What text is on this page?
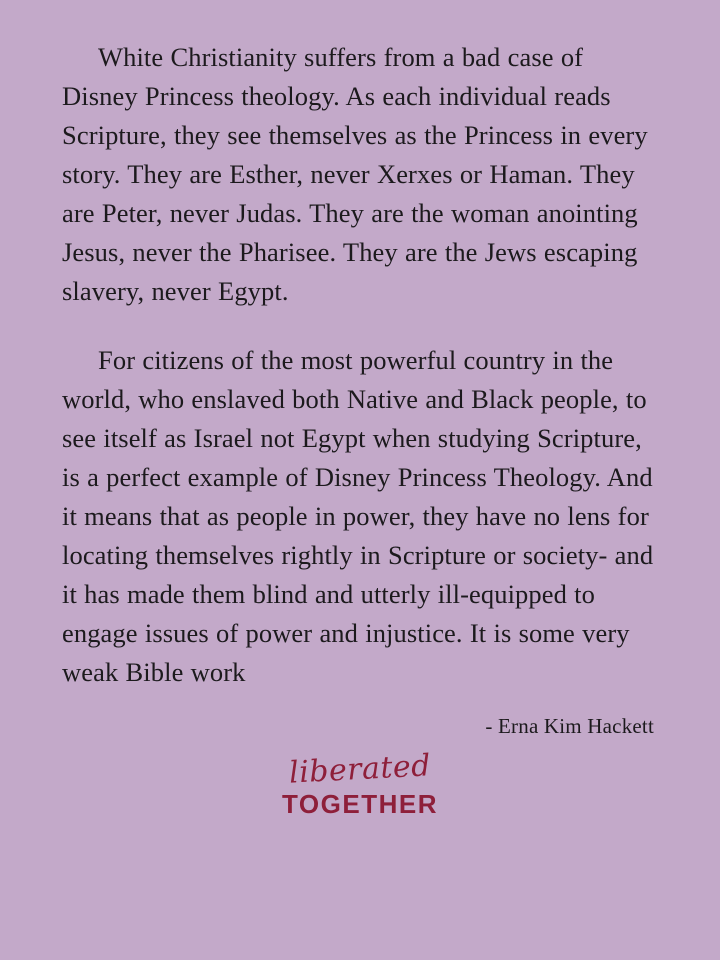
White Christianity suffers from a bad case of Disney Princess theology. As each individual reads Scripture, they see themselves as the Princess in every story. They are Esther, never Xerxes or Haman. They are Peter, never Judas. They are the woman anointing Jesus, never the Pharisee. They are the Jews escaping slavery, never Egypt.

For citizens of the most powerful country in the world, who enslaved both Native and Black people, to see itself as Israel not Egypt when studying Scripture, is a perfect example of Disney Princess Theology. And it means that as people in power, they have no lens for locating themselves rightly in Scripture or society- and it has made them blind and utterly ill-equipped to engage issues of power and injustice. It is some very weak Bible work

- Erna Kim Hackett
liberated
TOGETHER
